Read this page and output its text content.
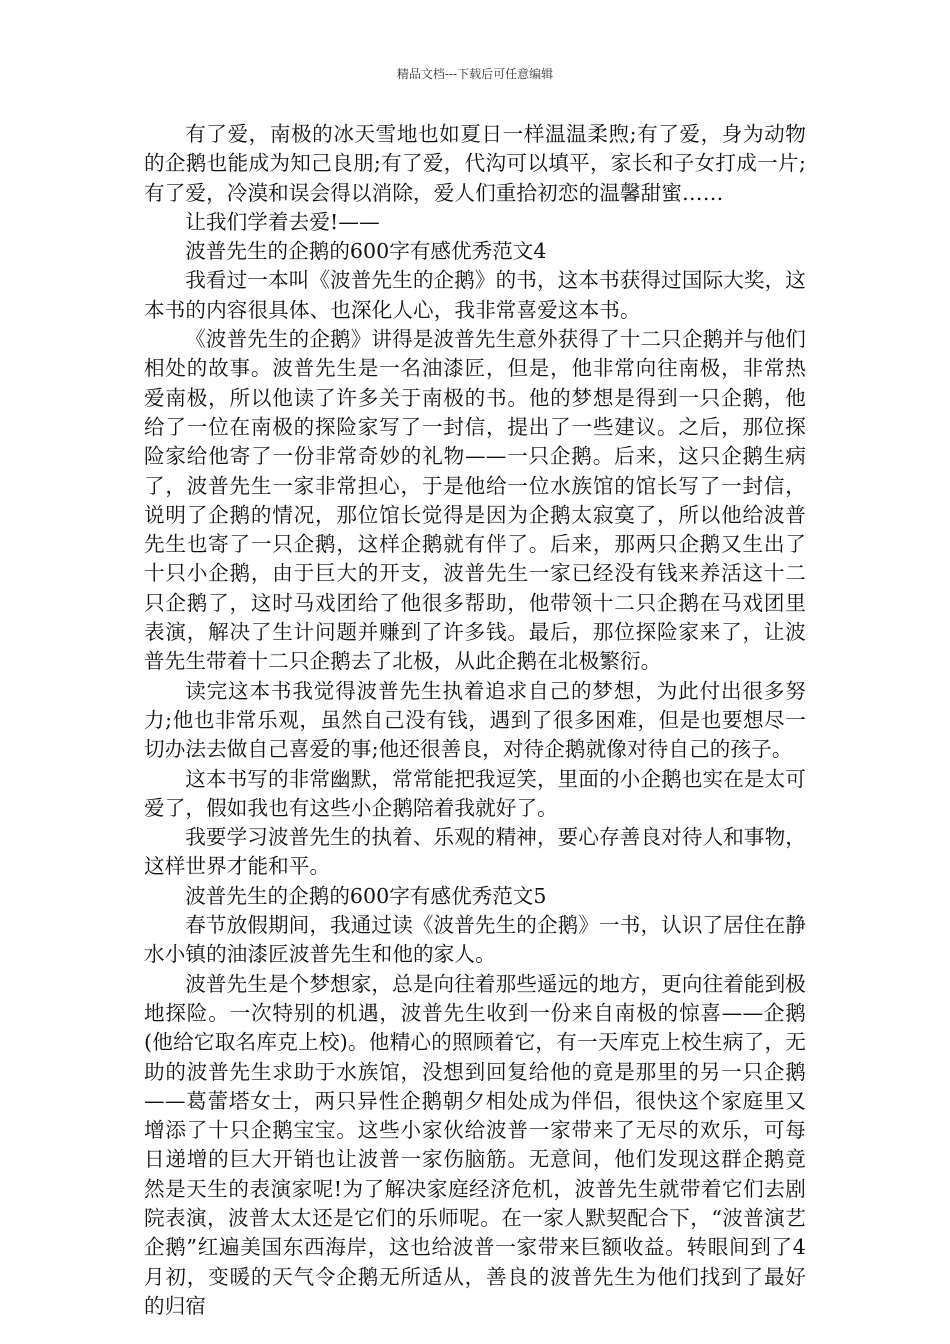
精品文档---下载后可任意编辑

有了爱，南极的冰天雪地也如夏日一样温温柔煦;有了爱，身为动物的企鹅也能成为知己良朋;有了爱，代沟可以填平，家长和子女打成一片;有了爱，冷漠和误会得以消除，爱人们重拾初恋的温馨甜蜜……

让我们学着去爱!——

波普先生的企鹅的600字有感优秀范文4

我看过一本叫《波普先生的企鹅》的书，这本书获得过国际大奖，这本书的内容很具体、也深化人心，我非常喜爱这本书。

《波普先生的企鹅》讲得是波普先生意外获得了十二只企鹅并与他们相处的故事。波普先生是一名油漆匠，但是，他非常向往南极，非常热爱南极，所以他读了许多关于南极的书。他的梦想是得到一只企鹅，他给了一位在南极的探险家写了一封信，提出了一些建议。之后，那位探险家给他寄了一份非常奇妙的礼物——一只企鹅。后来，这只企鹅生病了，波普先生一家非常担心，于是他给一位水族馆的馆长写了一封信，说明了企鹅的情况，那位馆长觉得是因为企鹅太寂寞了，所以他给波普先生也寄了一只企鹅，这样企鹅就有伴了。后来，那两只企鹅又生出了十只小企鹅，由于巨大的开支，波普先生一家已经没有钱来养活这十二只企鹅了，这时马戏团给了他很多帮助，他带领十二只企鹅在马戏团里表演，解决了生计问题并赚到了许多钱。最后，那位探险家来了，让波普先生带着十二只企鹅去了北极，从此企鹅在北极繁衍。

读完这本书我觉得波普先生执着追求自己的梦想，为此付出很多努力;他也非常乐观，虽然自己没有钱，遇到了很多困难，但是也要想尽一切办法去做自己喜爱的事;他还很善良，对待企鹅就像对待自己的孩子。

这本书写的非常幽默，常常能把我逗笑，里面的小企鹅也实在是太可爱了，假如我也有这些小企鹅陪着我就好了。

我要学习波普先生的执着、乐观的精神，要心存善良对待人和事物，这样世界才能和平。

波普先生的企鹅的600字有感优秀范文5

春节放假期间，我通过读《波普先生的企鹅》一书，认识了居住在静水小镇的油漆匠波普先生和他的家人。

波普先生是个梦想家，总是向往着那些遥远的地方，更向往着能到极地探险。一次特别的机遇，波普先生收到一份来自南极的惊喜——企鹅(他给它取名库克上校)。他精心的照顾着它，有一天库克上校生病了，无助的波普先生求助于水族馆，没想到回复给他的竟是那里的另一只企鹅——葛蕾塔女士，两只异性企鹅朝夕相处成为伴侣，很快这个家庭里又增添了十只企鹅宝宝。这些小家伙给波普一家带来了无尽的欢乐，可每日递增的巨大开销也让波普一家伤脑筋。无意间，他们发现这群企鹅竟然是天生的表演家呢!为了解决家庭经济危机，波普先生就带着它们去剧院表演，波普太太还是它们的乐师呢。在一家人默契配合下，“波普演艺企鹅”红遍美国东西海岸，这也给波普一家带来巨额收益。转眼间到了4月初，变暖的天气令企鹅无所适从，善良的波普先生为他们找到了最好的归宿
